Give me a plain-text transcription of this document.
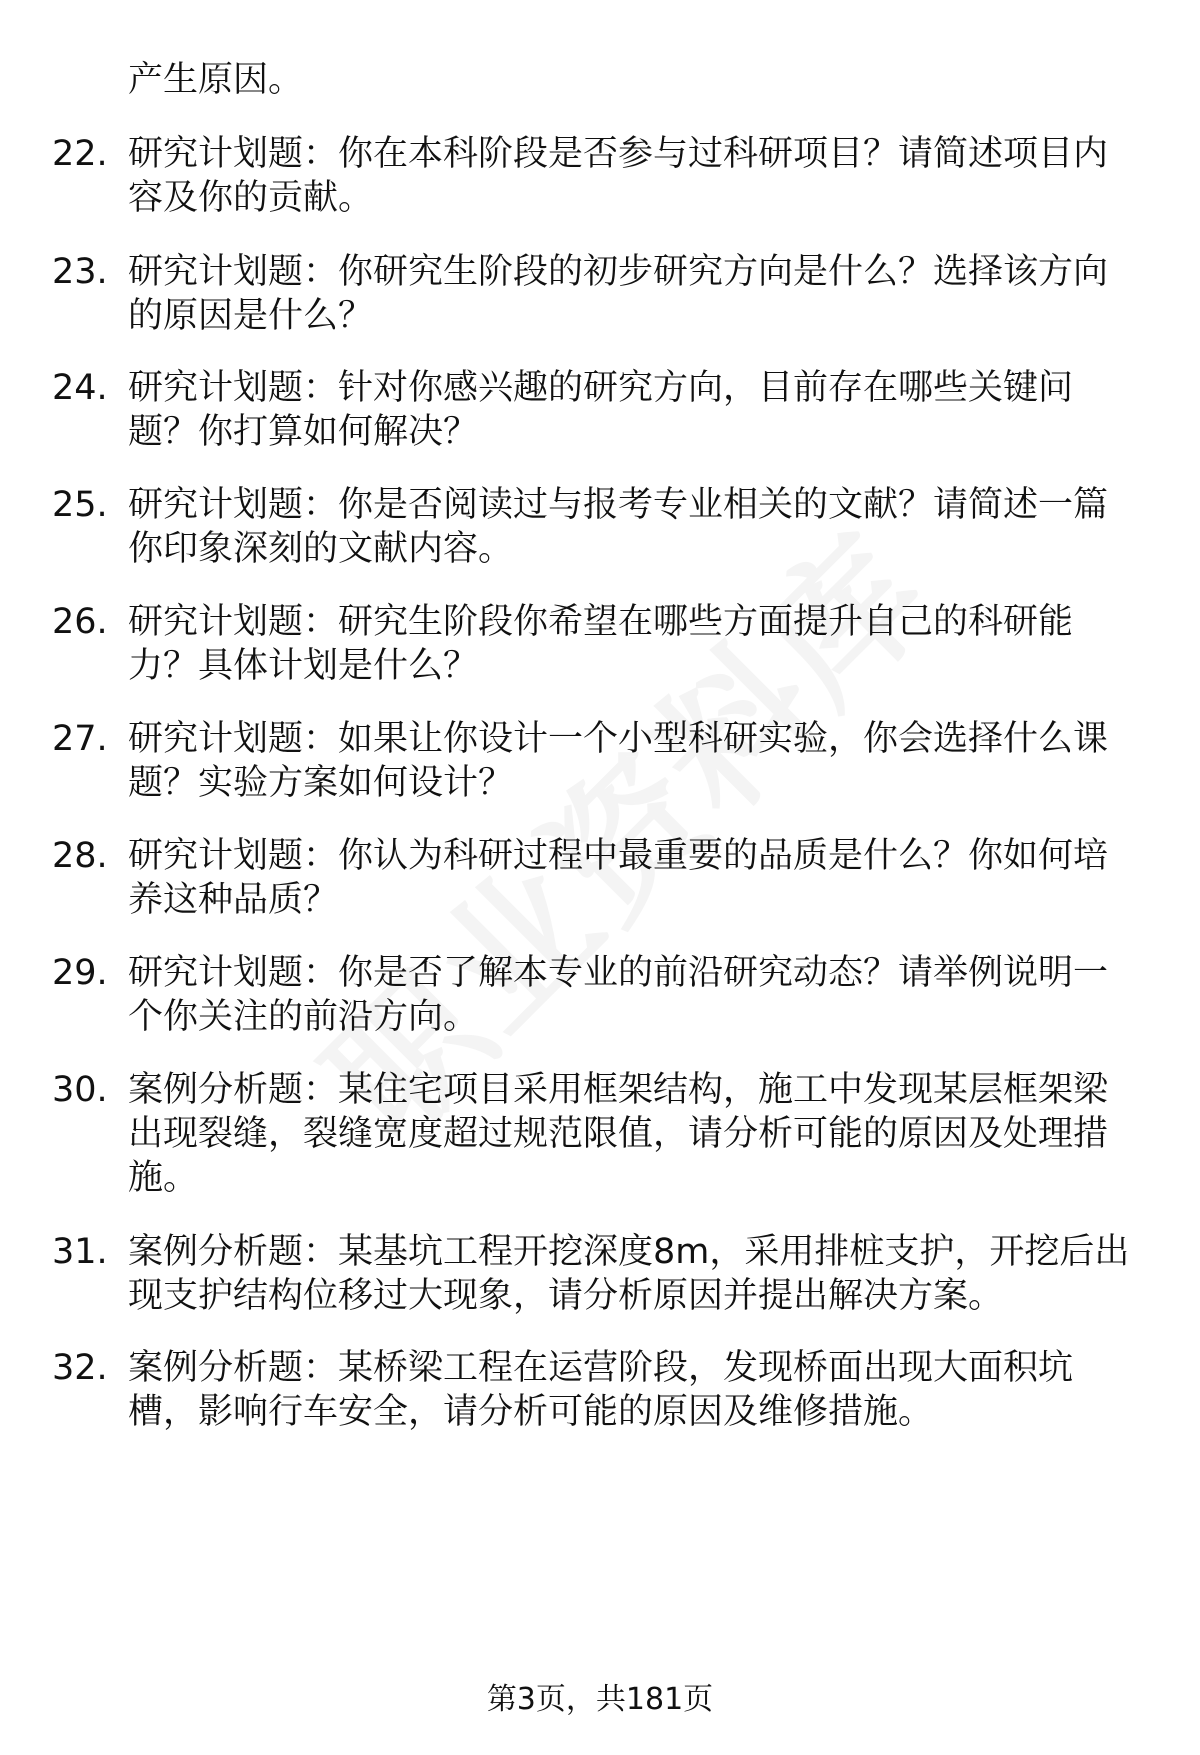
产生原因。
22. 研究计划题：你在本科阶段是否参与过科研项目？请简述项目内
容及你的贡献。
23. 研究计划题：你研究生阶段的初步研究方向是什么？选择该方向
的原因是什么？
24. 研究计划题：针对你感兴趣的研究方向，目前存在哪些关键问
题？你打算如何解决？
25. 研究计划题：你是否阅读过与报考专业相关的文献？请简述一篇
你印象深刻的文献内容。
26. 研究计划题：研究生阶段你希望在哪些方面提升自己的科研能
力？具体计划是什么？
27. 研究计划题：如果让你设计一个小型科研实验，你会选择什么课
题？实验方案如何设计？
28. 研究计划题：你认为科研过程中最重要的品质是什么？你如何培
养这种品质？
29. 研究计划题：你是否了解本专业的前沿研究动态？请举例说明一
个你关注的前沿方向。
30. 案例分析题：某住宅项目采用框架结构，施工中发现某层框架梁
出现裂缝，裂缝宽度超过规范限值，请分析可能的原因及处理措
施。
31. 案例分析题：某基坑工程开挖深度8m，采用排桩支护，开挖后出
现支护结构位移过大现象，请分析原因并提出解决方案。
32. 案例分析题：某桥梁工程在运营阶段，发现桥面出现大面积坑
槽，影响行车安全，请分析可能的原因及维修措施。
第3页，共181页
